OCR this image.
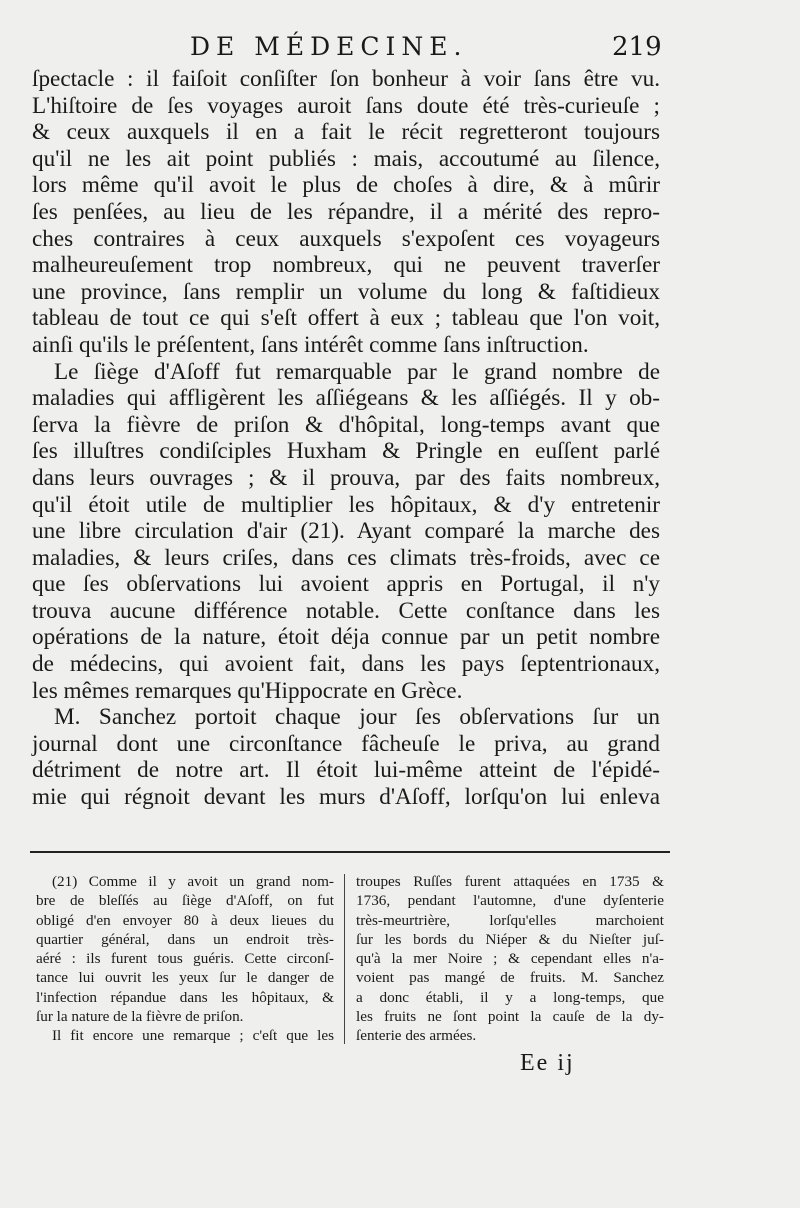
DE MÉDECINE.	219
ſpectacle : il faiſoit conſiſter ſon bonheur à voir ſans être vu.
L'hiſtoire de ſes voyages auroit ſans doute été très-curieuſe ;
& ceux auxquels il en a fait le récit regretteront toujours
qu'il ne les ait point publiés : mais, accoutumé au ſilence,
lors même qu'il avoit le plus de choſes à dire, & à mûrir
ſes penſées, au lieu de les répandre, il a mérité des repro-
ches contraires à ceux auxquels s'expoſent ces voyageurs
malheureuſement trop nombreux, qui ne peuvent traverſer
une province, ſans remplir un volume du long & faſtidieux
tableau de tout ce qui s'eſt offert à eux ; tableau que l'on voit,
ainſi qu'ils le préſentent, ſans intérêt comme ſans inſtruction.
Le ſiège d'Aſoff fut remarquable par le grand nombre de
maladies qui affligèrent les aſſiégeans & les aſſiégés. Il y ob-
ſerva la fièvre de priſon & d'hôpital, long-temps avant que
ſes illuſtres condiſciples Huxham & Pringle en euſſent parlé
dans leurs ouvrages ; & il prouva, par des faits nombreux,
qu'il étoit utile de multiplier les hôpitaux, & d'y entretenir
une libre circulation d'air (21). Ayant comparé la marche des
maladies, & leurs criſes, dans ces climats très-froids, avec ce
que ſes obſervations lui avoient appris en Portugal, il n'y
trouva aucune différence notable. Cette conſtance dans les
opérations de la nature, étoit déja connue par un petit nombre
de médecins, qui avoient fait, dans les pays ſeptentrionaux,
les mêmes remarques qu'Hippocrate en Grèce.
M. Sanchez portoit chaque jour ſes obſervations ſur un
journal dont une circonſtance fâcheuſe le priva, au grand
détriment de notre art. Il étoit lui-même atteint de l'épidé-
mie qui régnoit devant les murs d'Aſoff, lorſqu'on lui enleva
(21) Comme il y avoit un grand nom-
bre de bleſſés au ſiège d'Aſoff, on fut
obligé d'en envoyer 80 à deux lieues du
quartier général, dans un endroit très-
aéré : ils furent tous guéris. Cette circonſ-
tance lui ouvrit les yeux ſur le danger de
l'infection répandue dans les hôpitaux, &
ſur la nature de la fièvre de priſon.
Il fit encore une remarque ; c'eſt que les
troupes Ruſſes furent attaquées en 1735 &
1736, pendant l'automne, d'une dyſenterie
très-meurtrière, lorſqu'elles marchoient
ſur les bords du Niéper & du Nieſter juſ-
qu'à la mer Noire ; & cependant elles n'a-
voient pas mangé de fruits. M. Sanchez
a donc établi, il y a long-temps, que
les fruits ne ſont point la cauſe de la dy-
ſenterie des armées.
Ee ij
